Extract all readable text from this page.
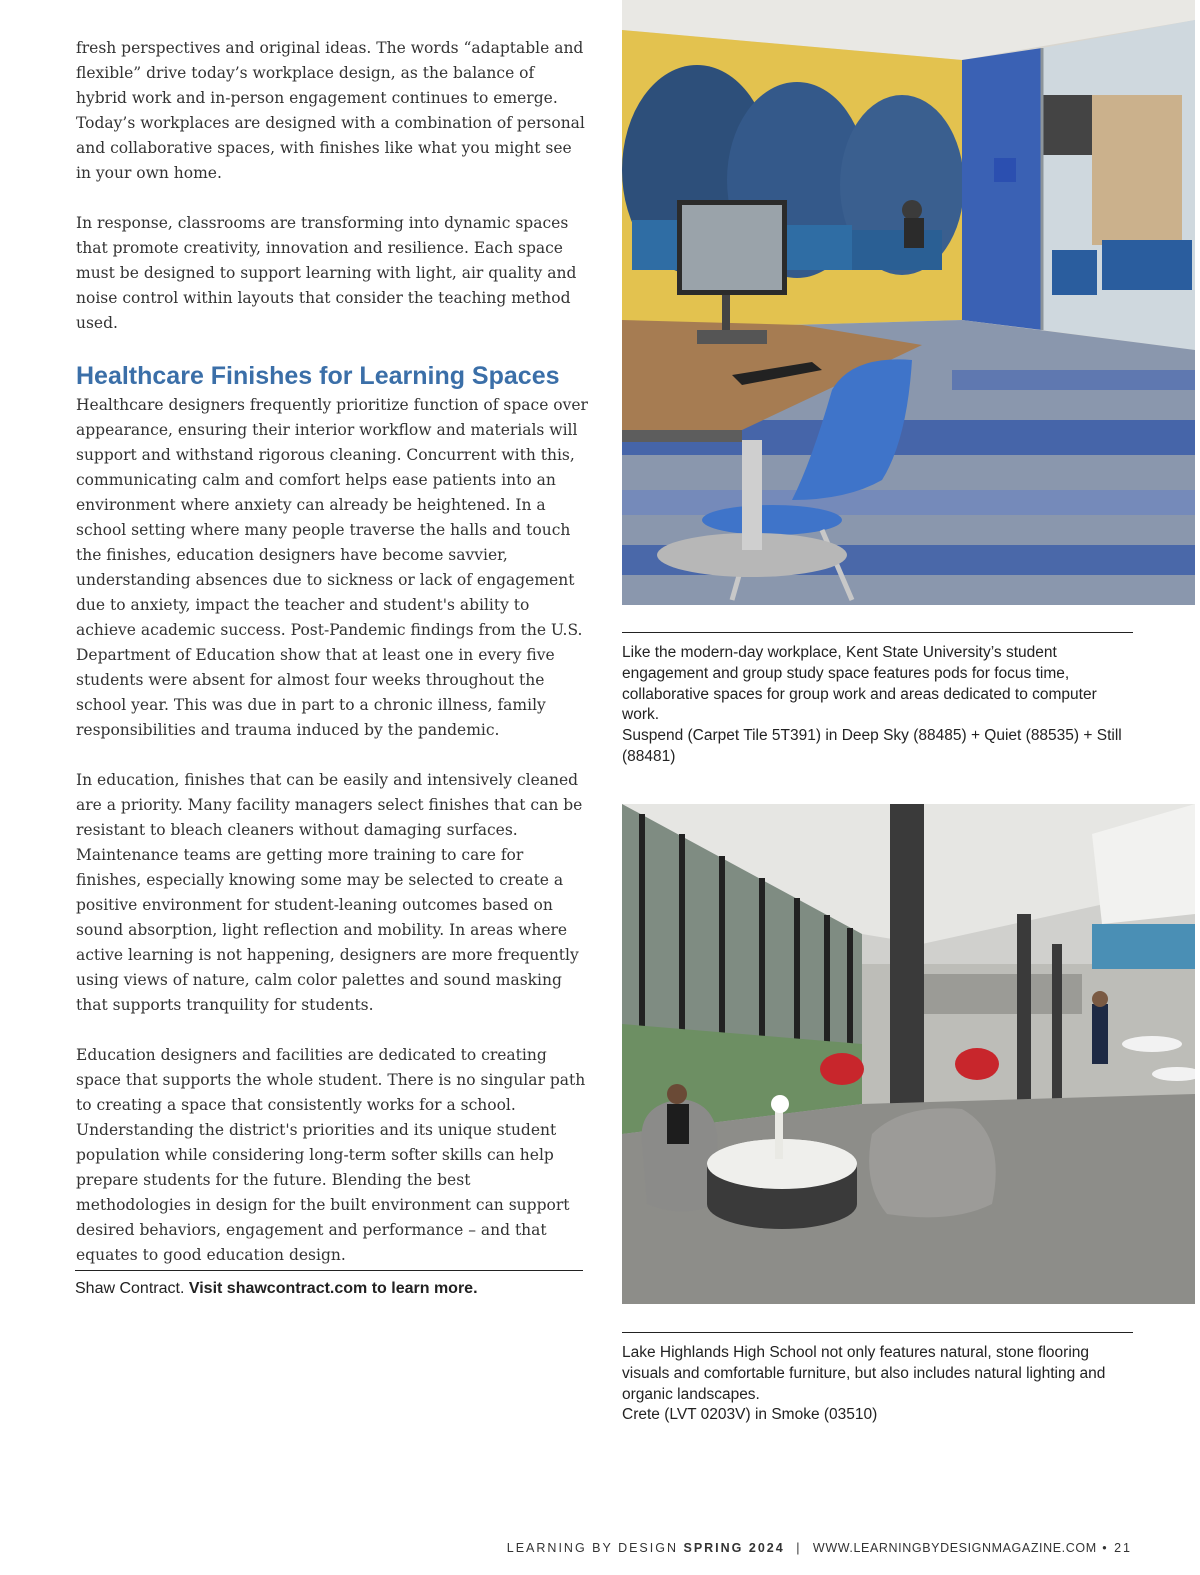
fresh perspectives and original ideas. The words “adaptable and flexible” drive today’s workplace design, as the balance of hybrid work and in-person engagement continues to emerge. Today’s workplaces are designed with a combination of personal and collaborative spaces, with finishes like what you might see in your own home.

In response, classrooms are transforming into dynamic spaces that promote creativity, innovation and resilience. Each space must be designed to support learning with light, air quality and noise control within layouts that consider the teaching method used.

Healthcare Finishes for Learning Spaces

Healthcare designers frequently prioritize function of space over appearance, ensuring their interior workflow and materials will support and withstand rigorous cleaning. Concurrent with this, communicating calm and comfort helps ease patients into an environment where anxiety can already be heightened. In a school setting where many people traverse the halls and touch the finishes, education designers have become savvier, understanding absences due to sickness or lack of engagement due to anxiety, impact the teacher and student's ability to achieve academic success. Post-Pandemic findings from the U.S. Department of Education show that at least one in every five students were absent for almost four weeks throughout the school year. This was due in part to a chronic illness, family responsibilities and trauma induced by the pandemic.

In education, finishes that can be easily and intensively cleaned are a priority. Many facility managers select finishes that can be resistant to bleach cleaners without damaging surfaces. Maintenance teams are getting more training to care for finishes, especially knowing some may be selected to create a positive environment for student-leaning outcomes based on sound absorption, light reflection and mobility. In areas where active learning is not happening, designers are more frequently using views of nature, calm color palettes and sound masking that supports tranquility for students.

Education designers and facilities are dedicated to creating space that supports the whole student. There is no singular path to creating a space that consistently works for a school. Understanding the district's priorities and its unique student population while considering long-term softer skills can help prepare students for the future. Blending the best methodologies in design for the built environment can support desired behaviors, engagement and performance – and that equates to good education design.

Shaw Contract. Visit shawcontract.com to learn more.
Like the modern-day workplace, Kent State University’s student engagement and group study space features pods for focus time, collaborative spaces for group work and areas dedicated to computer work.
Suspend (Carpet Tile 5T391) in Deep Sky (88485) + Quiet (88535) + Still (88481)
Lake Highlands High School not only features natural, stone flooring visuals and comfortable furniture, but also includes natural lighting and organic landscapes.
Crete (LVT 0203V) in Smoke (03510)
LEARNING BY DESIGN SPRING 2024 | WWW.LEARNINGBYDESIGNMAGAZINE.COM • 21
